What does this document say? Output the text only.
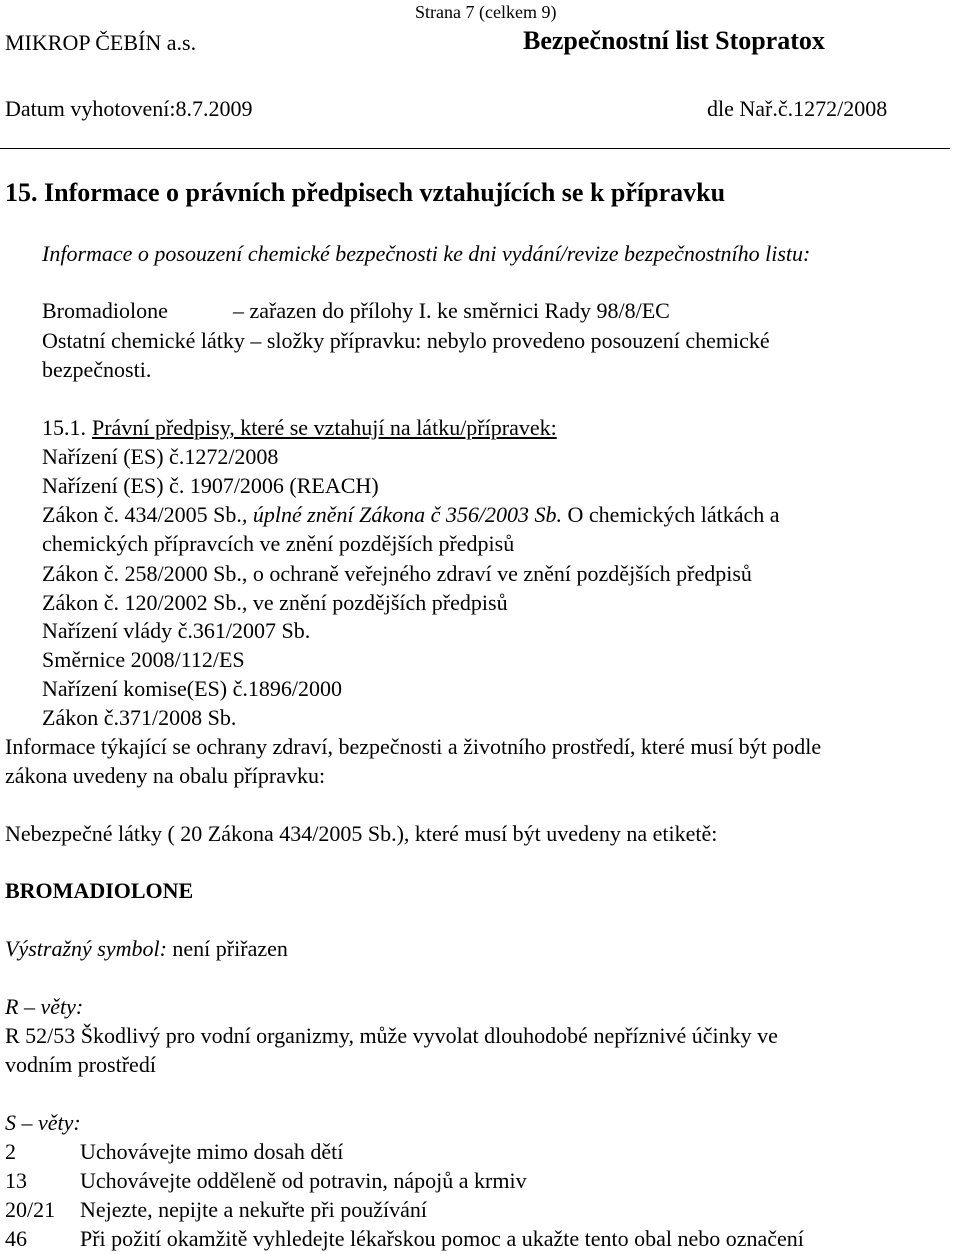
Strana 7 (celkem 9)
MIKROP ČEBÍN a.s.	Bezpečnostní list Stopratox
Datum vyhotovení:8.7.2009	dle Nař.č.1272/2008
15. Informace o právních předpisech vztahujících se k přípravku
Informace o posouzení chemické bezpečnosti ke dni vydání/revize bezpečnostního listu:
Bromadiolone	– zařazen do přílohy I. ke směrnici Rady 98/8/EC
Ostatní chemické látky – složky přípravku: nebylo provedeno posouzení chemické
bezpečnosti.
15.1. Právní předpisy, které se vztahují na látku/přípravek:
Nařízení (ES) č.1272/2008
Nařízení (ES) č. 1907/2006 (REACH)
Zákon č. 434/2005 Sb., úplné znění Zákona č 356/2003 Sb. O chemických látkách a
chemických přípravcích ve znění pozdějších předpisů
Zákon č. 258/2000 Sb., o ochraně veřejného zdraví ve znění pozdějších předpisů
Zákon č. 120/2002 Sb., ve znění pozdějších předpisů
Nařízení vlády č.361/2007 Sb.
Směrnice 2008/112/ES
Nařízení komise(ES) č.1896/2000
Zákon č.371/2008 Sb.
Informace týkající se ochrany zdraví, bezpečnosti a životního prostředí, které musí být podle
zákona uvedeny na obalu přípravku:
Nebezpečné látky ( 20 Zákona 434/2005 Sb.), které musí být uvedeny na etiketě:
BROMADIOLONE
Výstražný symbol: není přiřazen
R – věty:
R 52/53 Škodlivý pro vodní organizmy, může vyvolat dlouhodobé nepříznivé účinky ve
vodním prostředí
S – věty:
2	Uchovávejte mimo dosah dětí
13 Uchovávejte odděleně od potravin, nápojů a krmiv
20/21 Nejezte, nepijte a nekuřte při používání
46 Při požití okamžitě vyhledejte lékařskou pomoc a ukažte tento obal nebo označení
